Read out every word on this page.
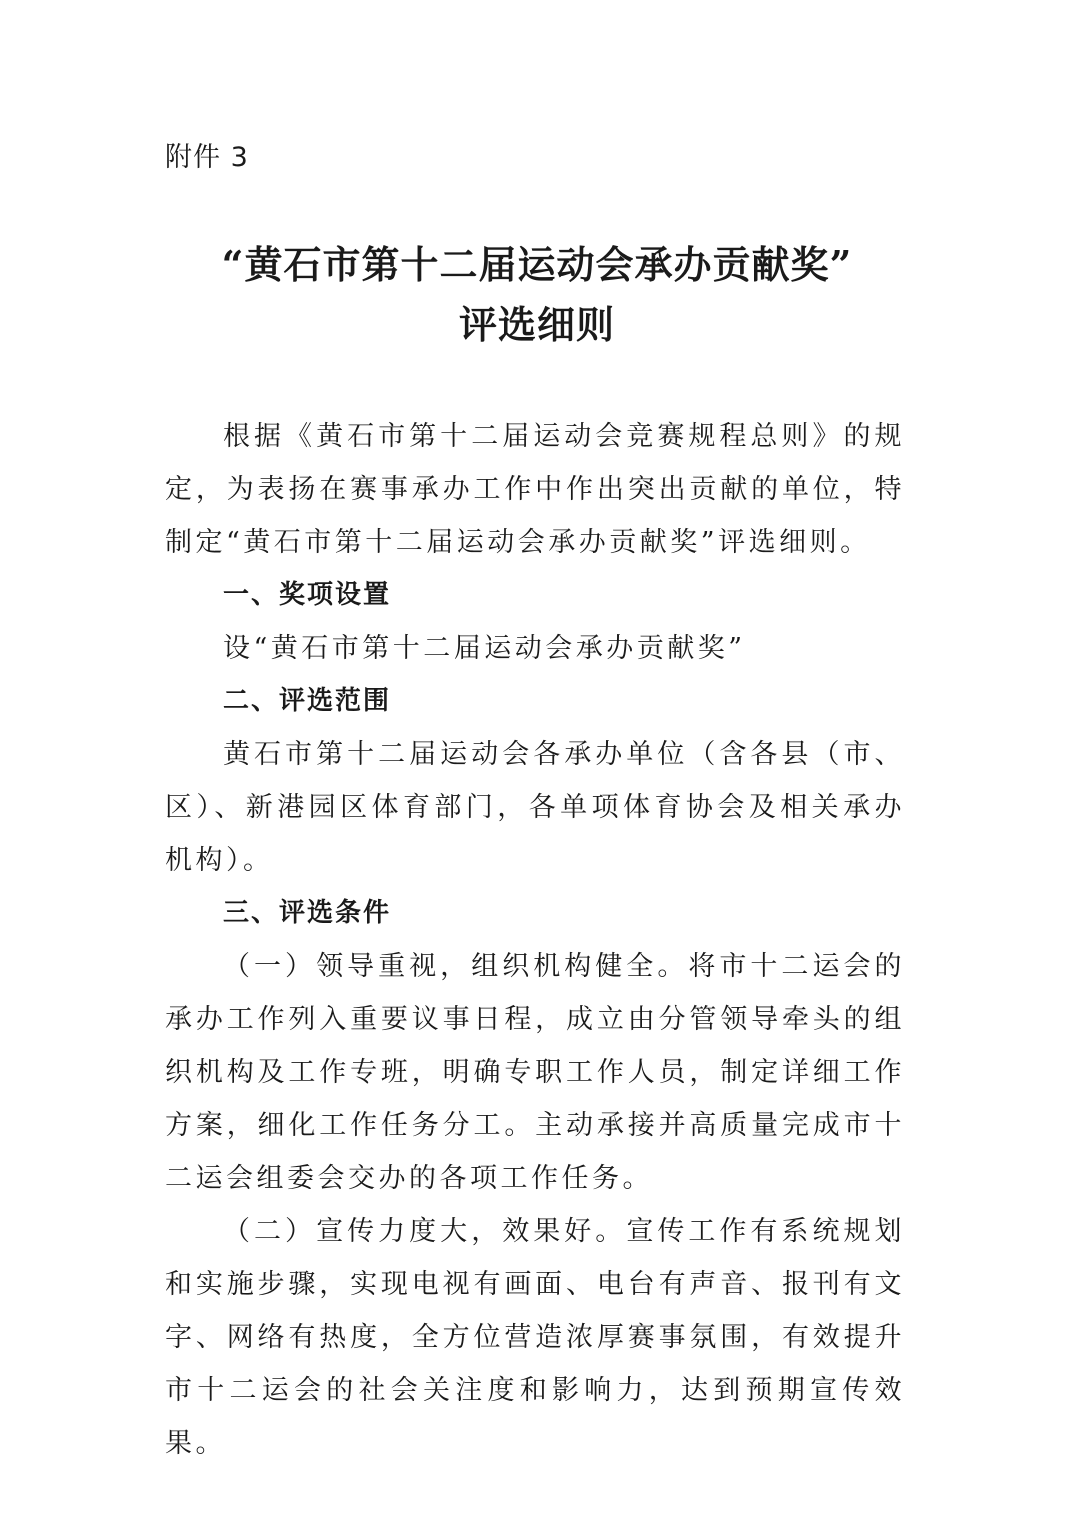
附件 3
“黄石市第十二届运动会承办贡献奖”
评选细则

根据《黄石市第十二届运动会竞赛规程总则》的规定，为表扬在赛事承办工作中作出突出贡献的单位，特制定“黄石市第十二届运动会承办贡献奖”评选细则。

一、奖项设置

设“黄石市第十二届运动会承办贡献奖”

二、评选范围

黄石市第十二届运动会各承办单位（含各县（市、区）、新港园区体育部门，各单项体育协会及相关承办机构）。

三、评选条件

（一）领导重视，组织机构健全。将市十二运会的承办工作列入重要议事日程，成立由分管领导牵头的组织机构及工作专班，明确专职工作人员，制定详细工作方案，细化工作任务分工。主动承接并高质量完成市十二运会组委会交办的各项工作任务。

（二）宣传力度大，效果好。宣传工作有系统规划和实施步骤，实现电视有画面、电台有声音、报刊有文字、网络有热度，全方位营造浓厚赛事氛围，有效提升市十二运会的社会关注度和影响力，达到预期宣传效果。
